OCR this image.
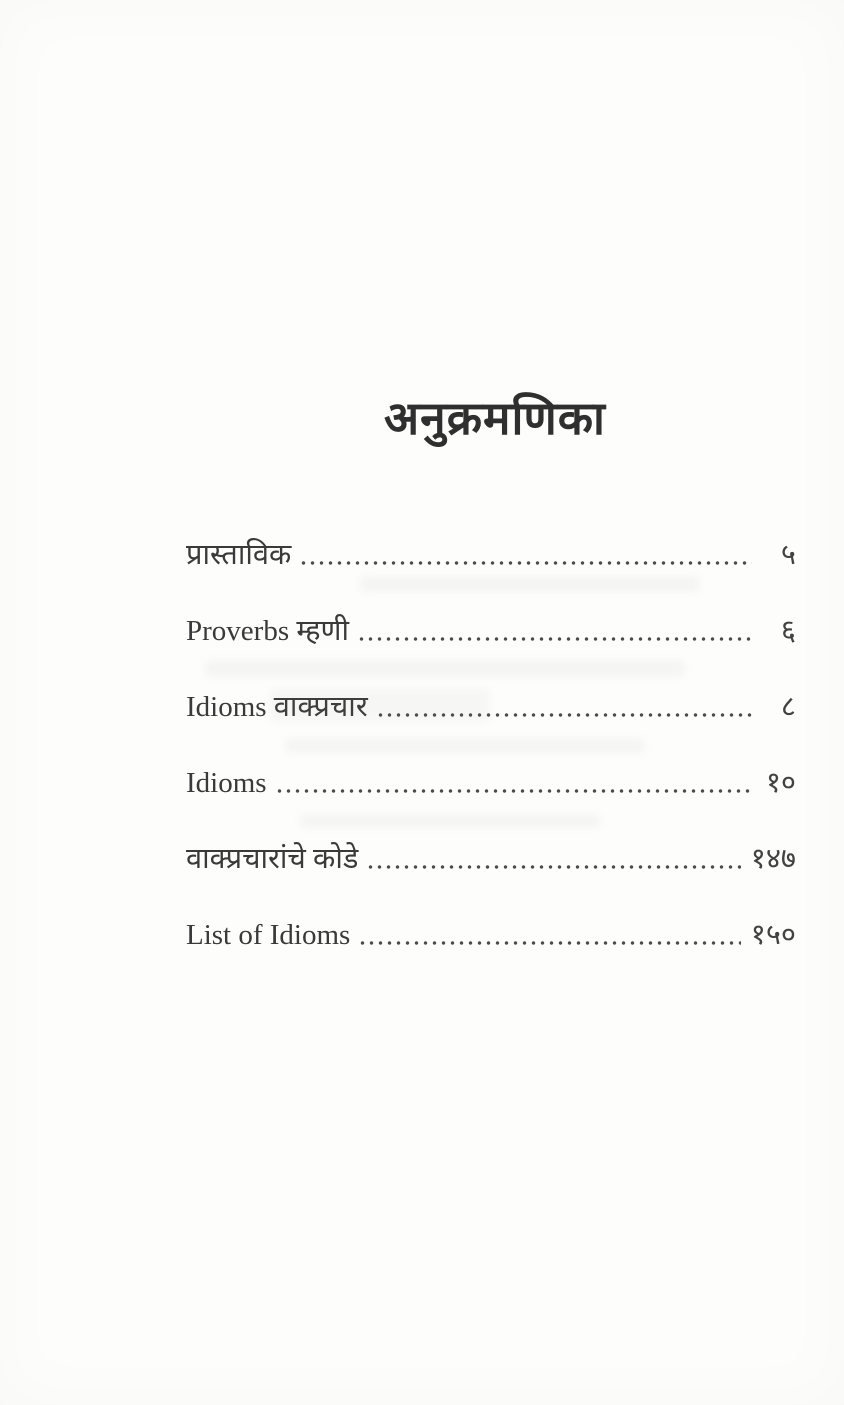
अनुक्रमणिका
प्रास्ताविक	५
Proverbs म्हणी	६
Idioms वाक्प्रचार	८
Idioms	१०
वाक्प्रचारांचे कोडे	१४७
List of Idioms	१५०
